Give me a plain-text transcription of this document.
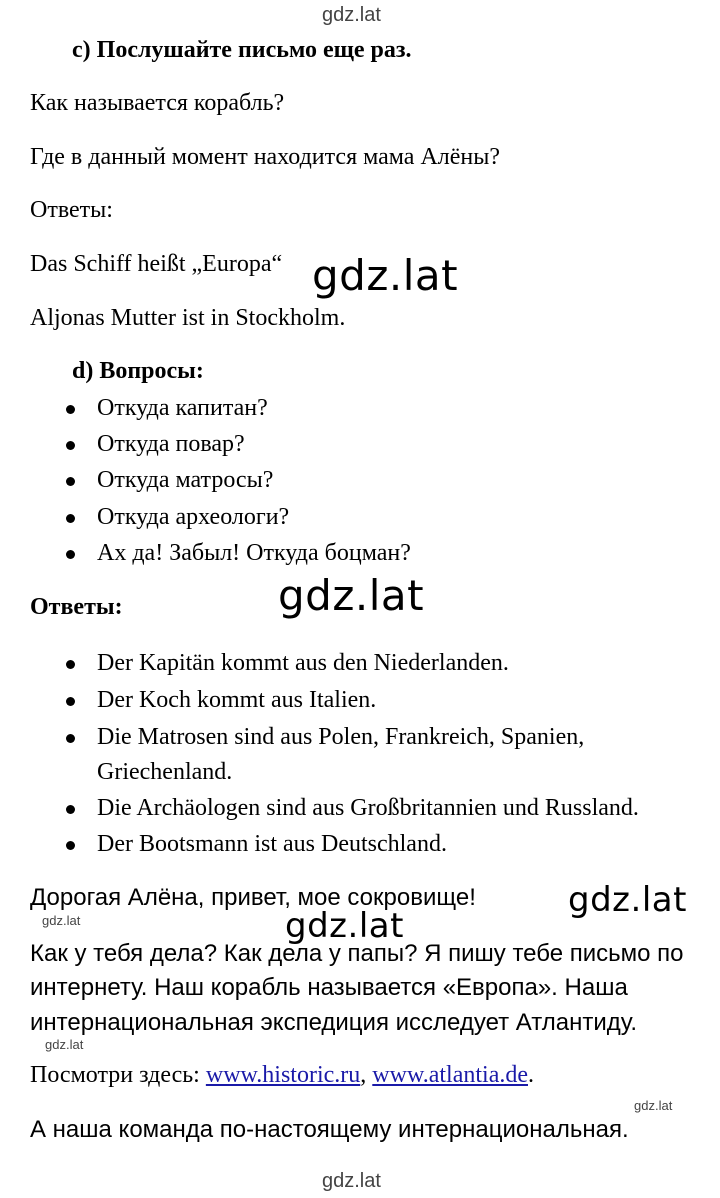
gdz.lat
c) Послушайте письмо еще раз.
Как называется корабль?
Где в данный момент находится мама Алёны?
Ответы:
Das Schiff heißt „Europa“ gdz.lat
Aljonas Mutter ist in Stockholm.
d) Вопросы:
Откуда капитан?
Откуда повар?
Откуда матросы?
Откуда археологи?
Ах да! Забыл! Откуда боцман?
gdz.lat
Ответы:
Der Kapitän kommt aus den Niederlanden.
Der Koch kommt aus Italien.
Die Matrosen sind aus Polen, Frankreich, Spanien,
Griechenland.
Die Archäologen sind aus Großbritannien und Russland.
Der Bootsmann ist aus Deutschland.
Дорогая Алёна, привет, мое сокровище!	gdz.lat
gdz.lat	gdz.lat
Как у тебя дела? Как дела у папы? Я пишу тебе письмо по
интернету. Наш корабль называется «Европа». Наша
интернациональная экспедиция исследует Атлантиду.
gdz.lat
Посмотри здесь: www.historic.ru, www.atlantia.de.
gdz.lat
А наша команда по-настоящему интернациональная.
gdz.lat
